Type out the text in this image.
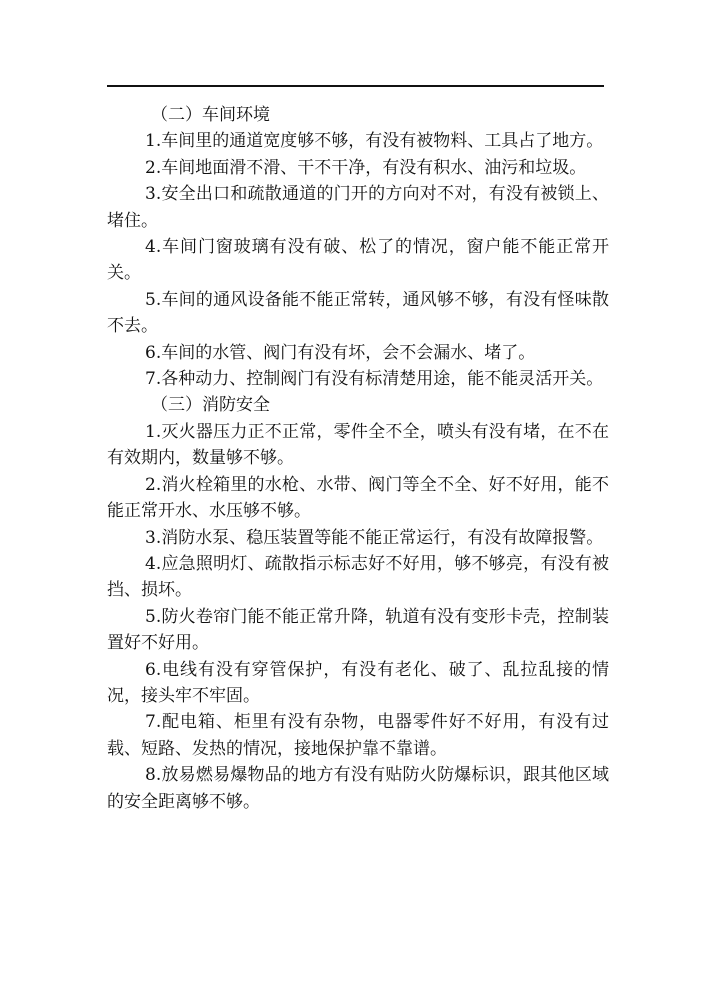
（二）车间环境

1.车间里的通道宽度够不够，有没有被物料、工具占了地方。

2.车间地面滑不滑、干不干净，有没有积水、油污和垃圾。

3.安全出口和疏散通道的门开的方向对不对，有没有被锁上、堵住。

4.车间门窗玻璃有没有破、松了的情况，窗户能不能正常开关。

5.车间的通风设备能不能正常转，通风够不够，有没有怪味散不去。

6.车间的水管、阀门有没有坏，会不会漏水、堵了。

7.各种动力、控制阀门有没有标清楚用途，能不能灵活开关。

（三）消防安全

1.灭火器压力正不正常，零件全不全，喷头有没有堵，在不在有效期内，数量够不够。

2.消火栓箱里的水枪、水带、阀门等全不全、好不好用，能不能正常开水、水压够不够。

3.消防水泵、稳压装置等能不能正常运行，有没有故障报警。

4.应急照明灯、疏散指示标志好不好用，够不够亮，有没有被挡、损坏。

5.防火卷帘门能不能正常升降，轨道有没有变形卡壳，控制装置好不好用。

6.电线有没有穿管保护，有没有老化、破了、乱拉乱接的情况，接头牢不牢固。

7.配电箱、柜里有没有杂物，电器零件好不好用，有没有过载、短路、发热的情况，接地保护靠不靠谱。

8.放易燃易爆物品的地方有没有贴防火防爆标识，跟其他区域的安全距离够不够。
